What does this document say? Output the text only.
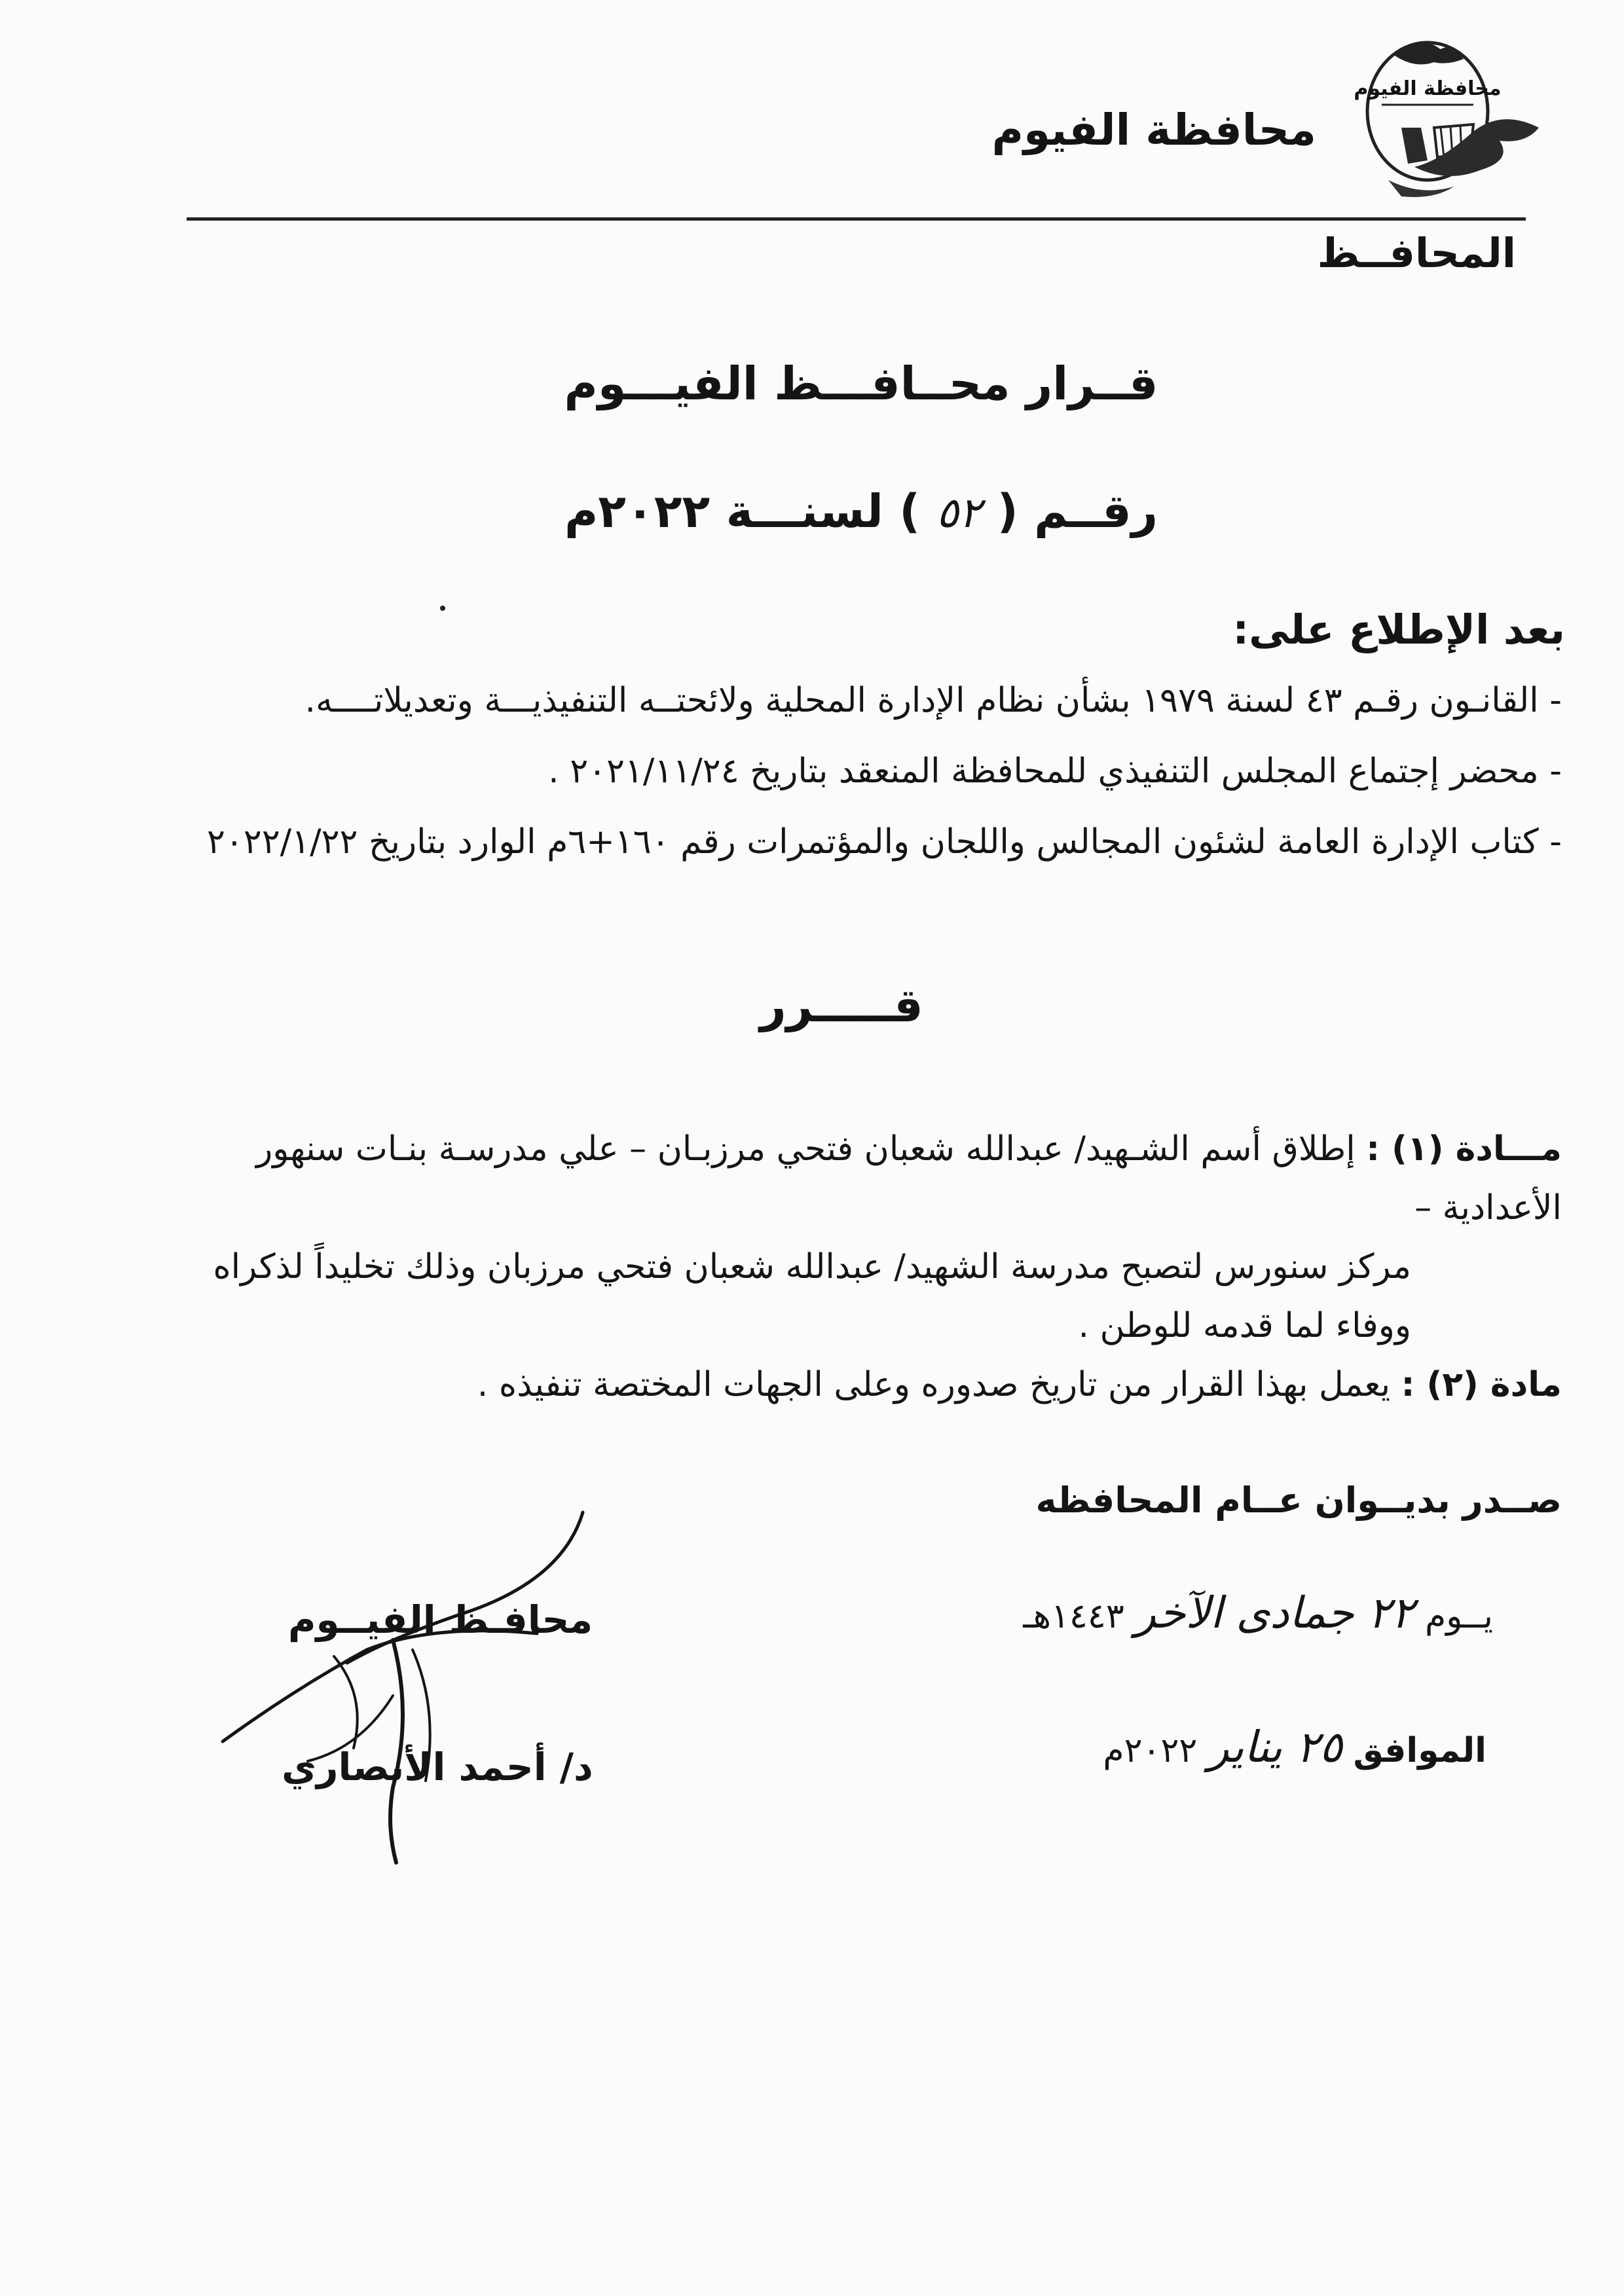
محافظة الفيوم
محافظة الفيوم
المحافــظ
قــرار محــافـــظ الفيـــوم
رقــم ( ٥٢ ) لسنـــة ٢٠٢٢م
بعد الإطلاع على:
- القانـون رقـم ٤٣ لسنة ١٩٧٩ بشأن نظام الإدارة المحلية ولائحتــه التنفيذيـــة وتعديلاتــــه.
- محضر إجتماع المجلس التنفيذي للمحافظة المنعقد بتاريخ ٢٠٢١/١١/٢٤ .
- كتاب الإدارة العامة لشئون المجالس واللجان والمؤتمرات رقم ١٦٠+٦م الوارد بتاريخ ٢٠٢٢/١/٢٢
قـــــرر
مـــادة (١) : إطلاق أسم الشـهيد/ عبدالله شعبان فتحي مرزبـان – علي مدرسـة بنـات سنهور الأعدادية –
مركز سنورس لتصبح مدرسة الشهيد/ عبدالله شعبان فتحي مرزبان وذلك تخليداً لذكراه ووفاء لما قدمه للوطن .
مادة (٢) : يعمل بهذا القرار من تاريخ صدوره وعلى الجهات المختصة تنفيذه .
صــدر بديــوان عــام المحافظه
يــوم ٢٢ جمادى الآخر ١٤٤٣هـ
الموافق ٢٥ يناير ٢٠٢٢م
محافـظ الفيــوم
د/ أحمد الأنصاري
